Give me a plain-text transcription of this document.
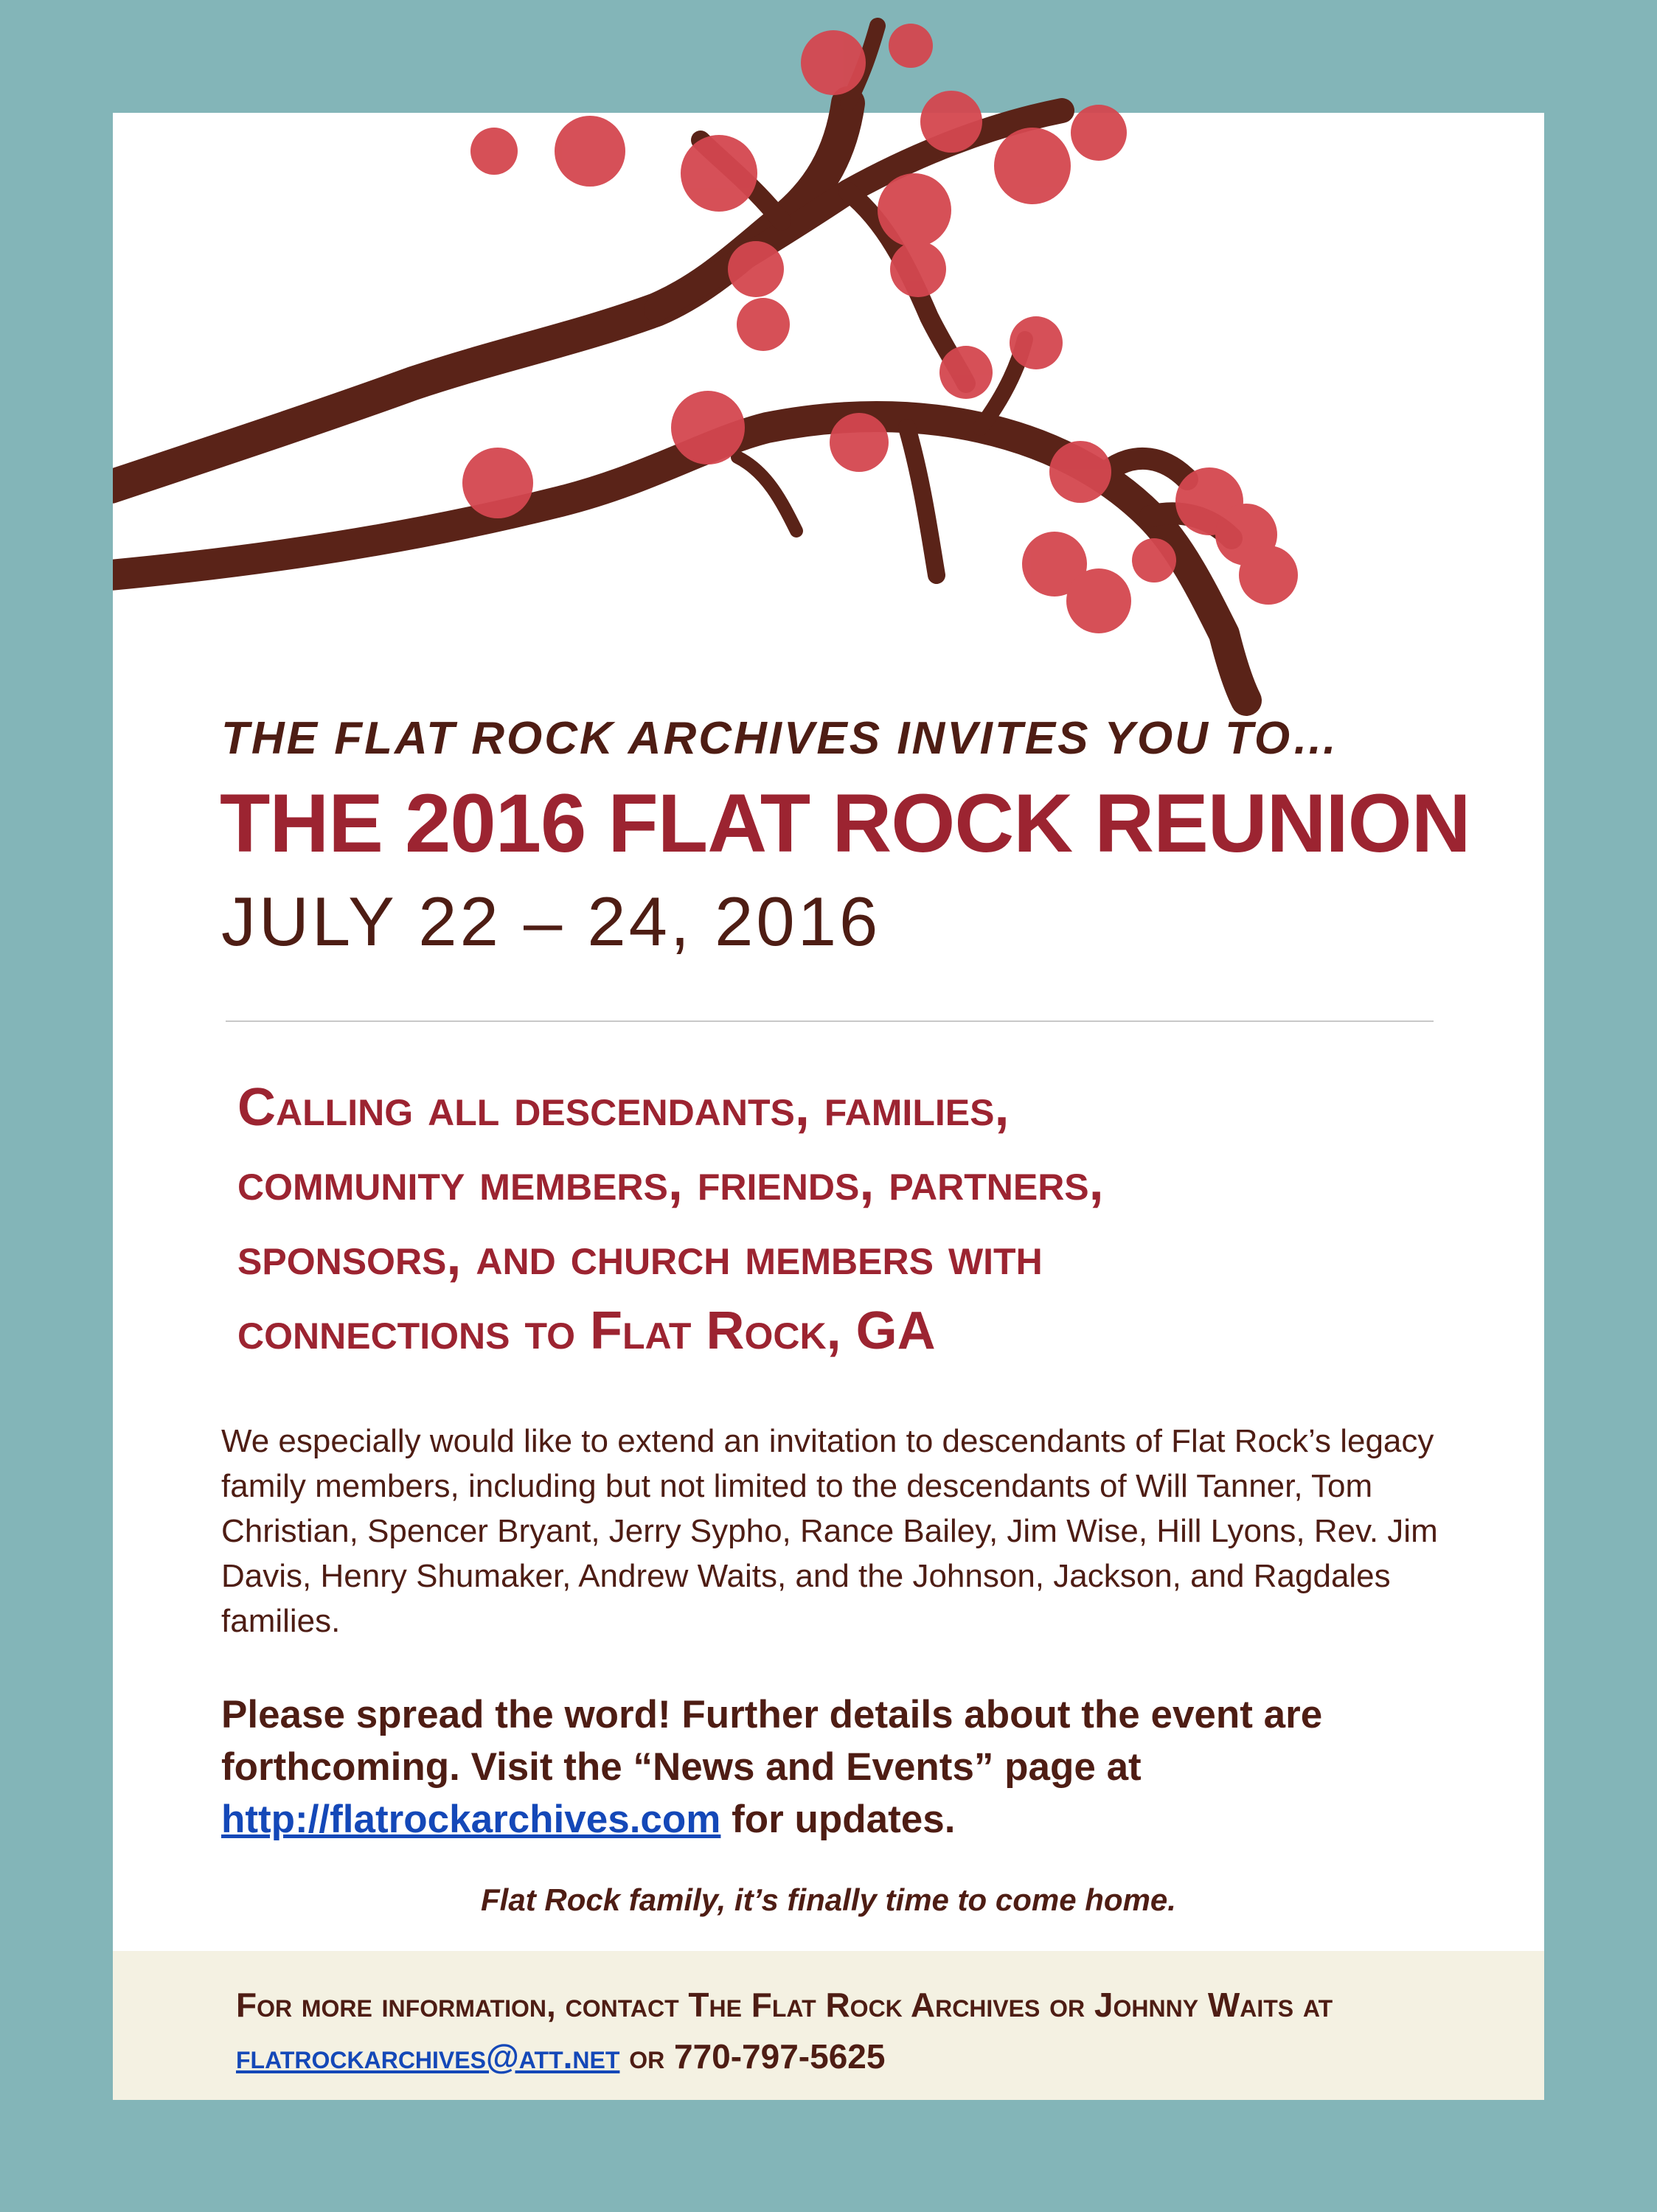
THE FLAT ROCK ARCHIVES INVITES YOU TO…
THE 2016 FLAT ROCK REUNION
JULY 22 – 24, 2016
Calling all descendants, families,
community members, friends, partners,
sponsors, and church members with
connections to Flat Rock, GA
We especially would like to extend an invitation to descendants of Flat Rock’s legacy family members, including but not limited to the descendants of Will Tanner, Tom Christian, Spencer Bryant, Jerry Sypho, Rance Bailey, Jim Wise, Hill Lyons, Rev. Jim Davis, Henry Shumaker, Andrew Waits, and the Johnson, Jackson, and Ragdales families.
Please spread the word! Further details about the event are forthcoming. Visit the “News and Events” page at http://flatrockarchives.com for updates.
Flat Rock family, it’s finally time to come home.
For more information, contact The Flat Rock Archives or Johnny Waits at flatrockarchives@att.net or 770-797-5625
